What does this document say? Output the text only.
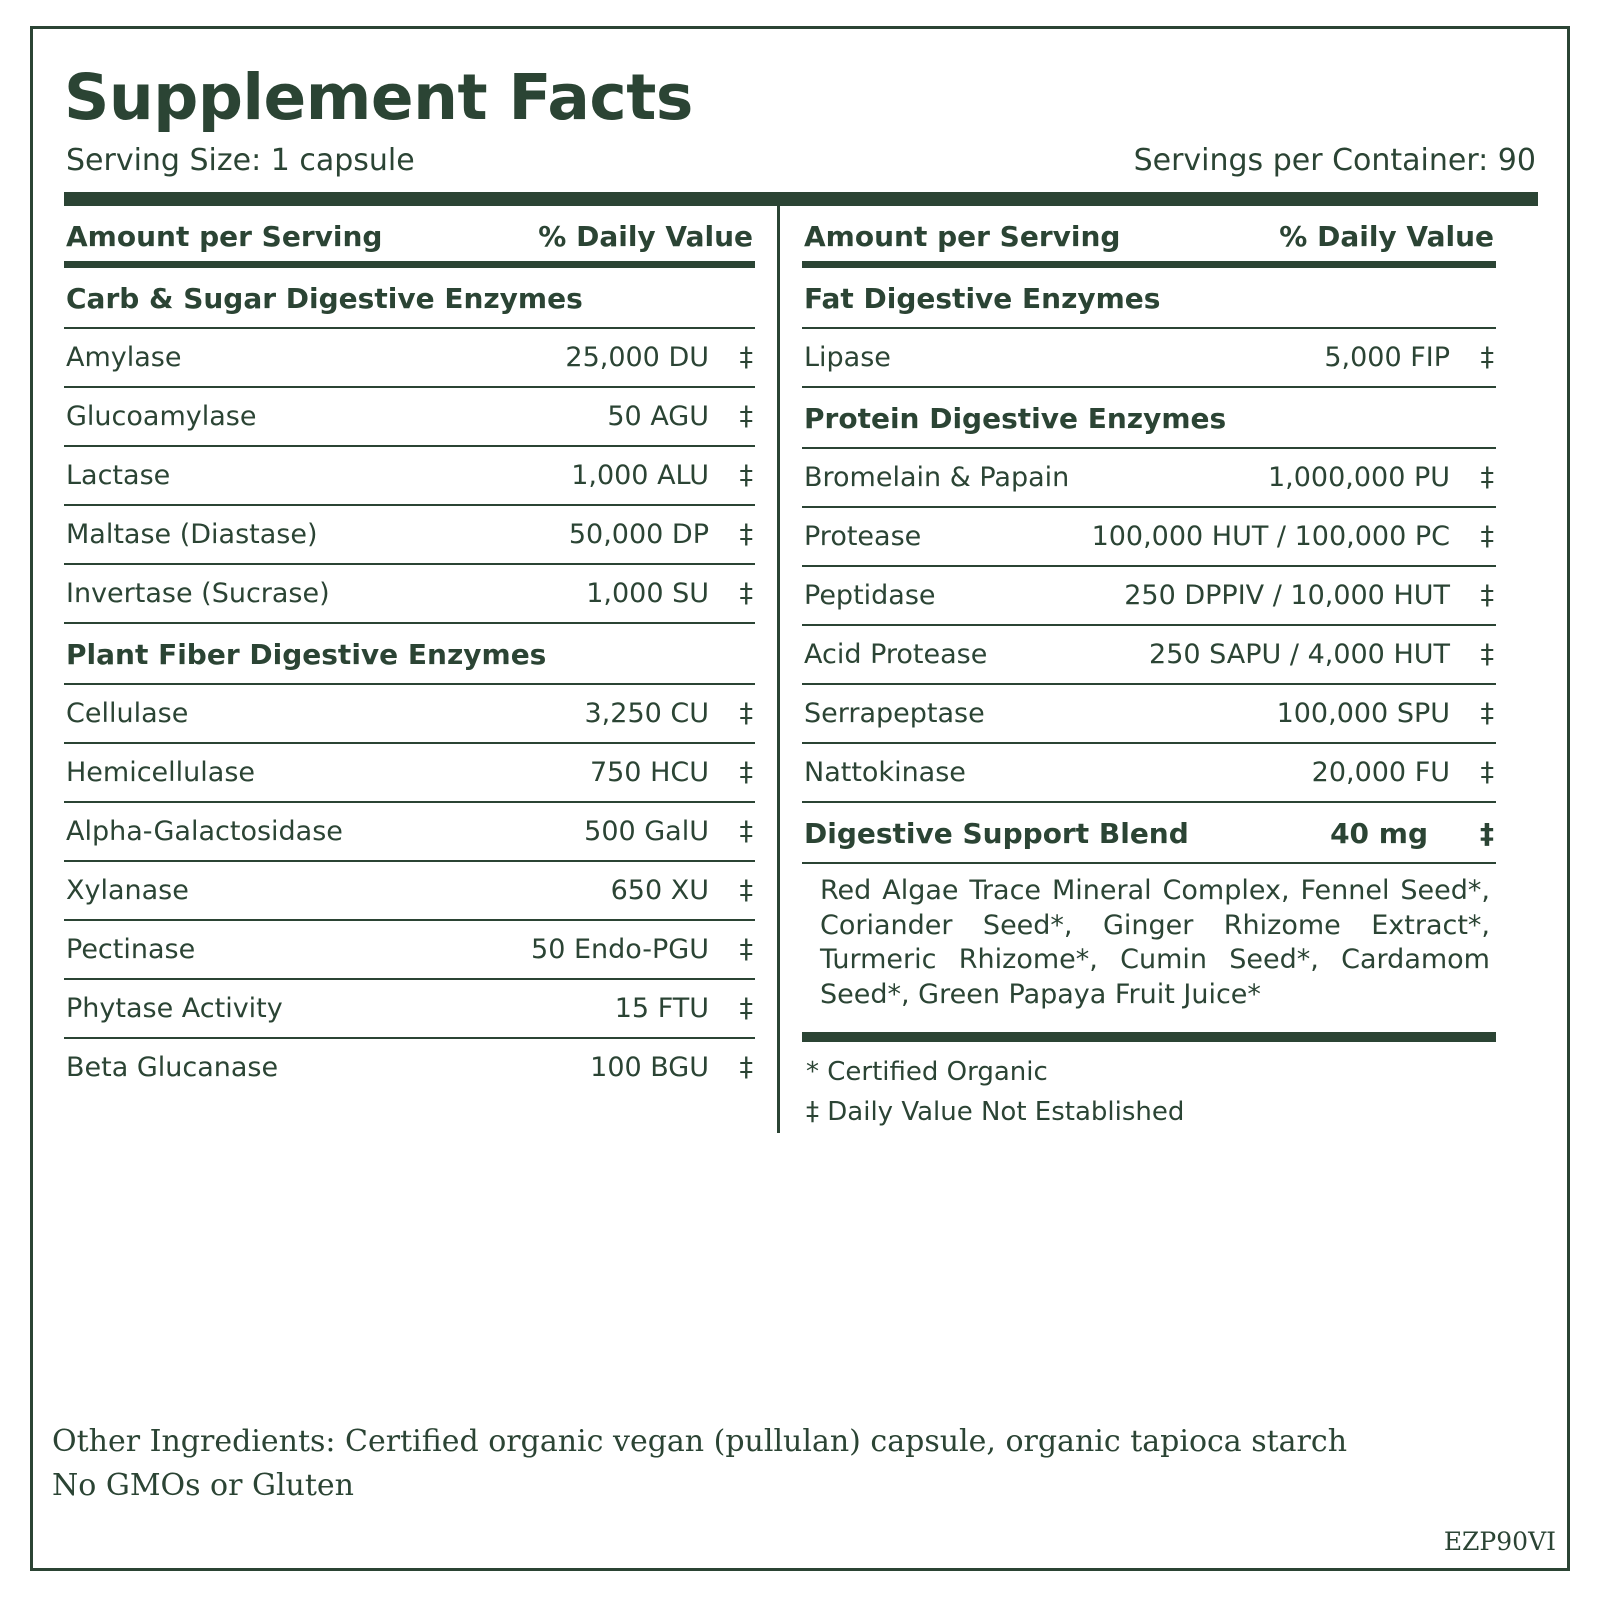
Supplement Facts
Serving Size: 1 capsule	Servings per Container: 90
Amount per Serving	% Daily Value
Carb & Sugar Digestive Enzymes
Amylase	25,000 DU	‡
Glucoamylase	50 AGU	‡
Lactase	1,000 ALU	‡
Maltase (Diastase)	50,000 DP	‡
Invertase (Sucrase)	1,000 SU	‡
Plant Fiber Digestive Enzymes
Cellulase	3,250 CU	‡
Hemicellulase	750 HCU	‡
Alpha-Galactosidase	500 GalU	‡
Xylanase	650 XU	‡
Pectinase	50 Endo-PGU	‡
Phytase Activity	15 FTU	‡
Beta Glucanase	100 BGU	‡
Amount per Serving	% Daily Value
Fat Digestive Enzymes
Lipase	5,000 FIP	‡
Protein Digestive Enzymes
Bromelain & Papain	1,000,000 PU	‡
Protease	100,000 HUT / 100,000 PC	‡
Peptidase	250 DPPIV / 10,000 HUT	‡
Acid Protease	250 SAPU / 4,000 HUT	‡
Serrapeptase	100,000 SPU	‡
Nattokinase	20,000 FU	‡
Digestive Support Blend	40 mg	‡
Red Algae Trace Mineral Complex, Fennel Seed*, Coriander Seed*, Ginger Rhizome Extract*, Turmeric Rhizome*, Cumin Seed*, Cardamom Seed*, Green Papaya Fruit Juice*
* Certified Organic
‡ Daily Value Not Established
Other Ingredients: Certified organic vegan (pullulan) capsule, organic tapioca starch
No GMOs or Gluten
EZP90VI
